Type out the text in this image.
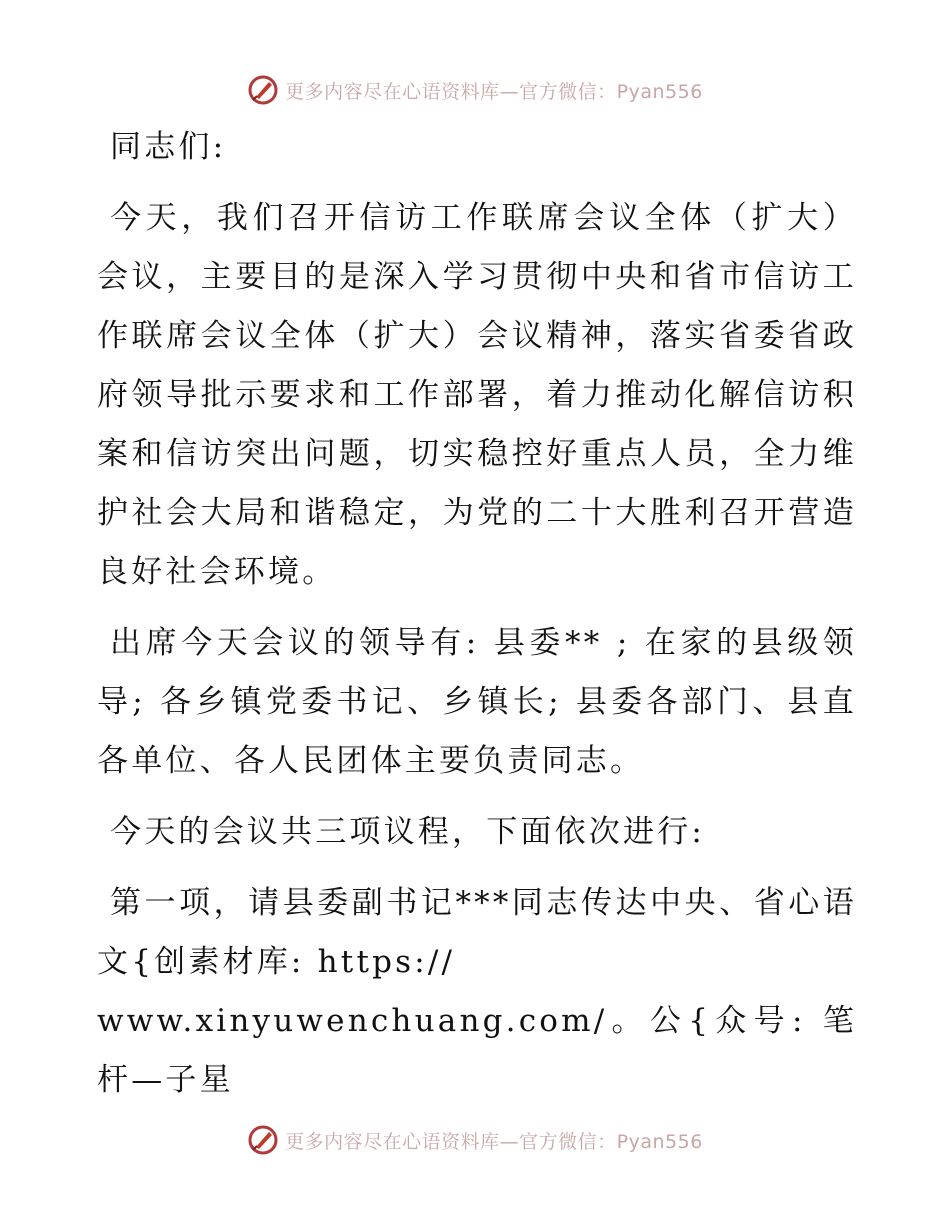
更多内容尽在心语资料库—官方微信：Pyan556

同志们:

今天，我们召开信访工作联席会议全体（扩大）会议，主要目的是深入学习贯彻中央和省市信访工作联席会议全体（扩大）会议精神，落实省委省政府领导批示要求和工作部署，着力推动化解信访积案和信访突出问题，切实稳控好重点人员，全力维护社会大局和谐稳定，为党的二十大胜利召开营造良好社会环境。

出席今天会议的领导有: 县委** ; 在家的县级领导; 各乡镇党委书记、乡镇长; 县委各部门、县直各单位、各人民团体主要负责同志。

今天的会议共三项议程，下面依次进行:

第一项，请县委副书记***同志传达中央、省心语文{创素材库: https://

www.xinyuwenchuang.com/。公{众号: 笔杆—子星

更多内容尽在心语资料库—官方微信：Pyan556
